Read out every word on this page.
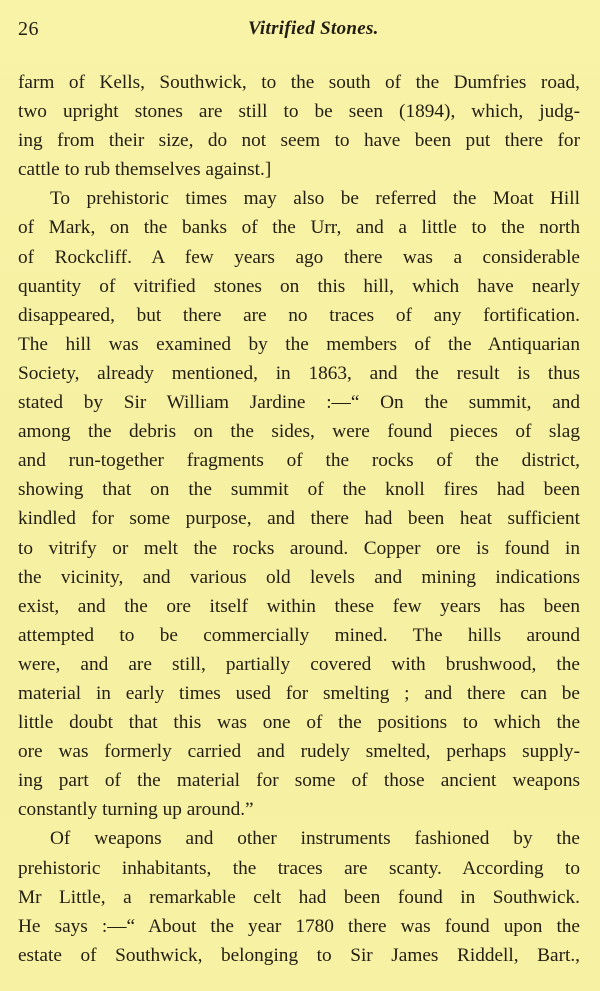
26	Vitrified Stones.
farm of Kells, Southwick, to the south of the Dumfries road,
two upright stones are still to be seen (1894), which, judg-
ing from their size, do not seem to have been put there for
cattle to rub themselves against.]
To prehistoric times may also be referred the Moat Hill
of Mark, on the banks of the Urr, and a little to the north
of Rockcliff. A few years ago there was a considerable
quantity of vitrified stones on this hill, which have nearly
disappeared, but there are no traces of any fortification.
The hill was examined by the members of the Antiquarian
Society, already mentioned, in 1863, and the result is thus
stated by Sir William Jardine :—“ On the summit, and
among the debris on the sides, were found pieces of slag
and run-together fragments of the rocks of the district,
showing that on the summit of the knoll fires had been
kindled for some purpose, and there had been heat sufficient
to vitrify or melt the rocks around. Copper ore is found in
the vicinity, and various old levels and mining indications
exist, and the ore itself within these few years has been
attempted to be commercially mined. The hills around
were, and are still, partially covered with brushwood, the
material in early times used for smelting ; and there can be
little doubt that this was one of the positions to which the
ore was formerly carried and rudely smelted, perhaps supply-
ing part of the material for some of those ancient weapons
constantly turning up around.”
Of weapons and other instruments fashioned by the
prehistoric inhabitants, the traces are scanty. According to
Mr Little, a remarkable celt had been found in Southwick.
He says :—“ About the year 1780 there was found upon the
estate of Southwick, belonging to Sir James Riddell, Bart.,
